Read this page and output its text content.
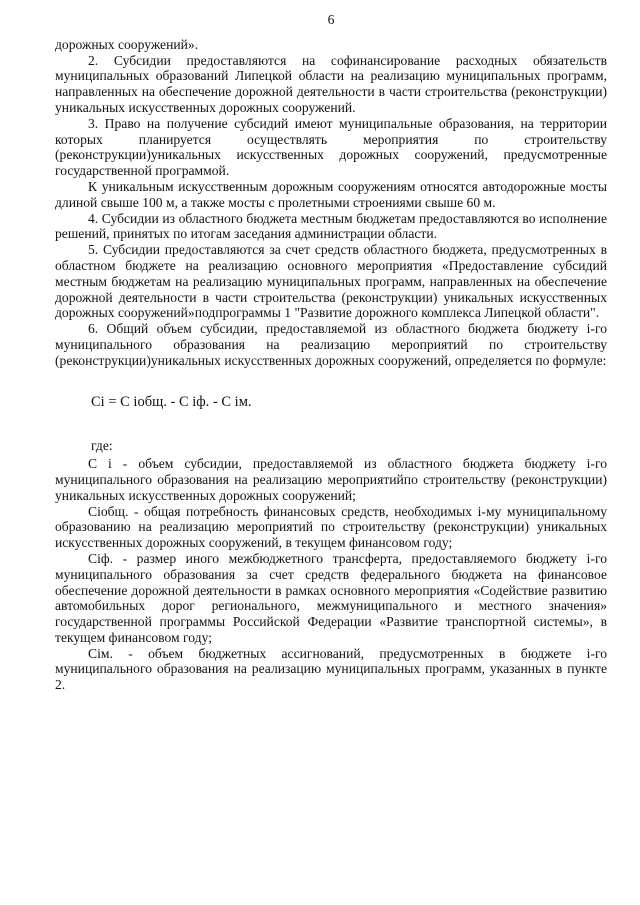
6

дорожных сооружений».

2. Субсидии предоставляются на софинансирование расходных обязательств муниципальных образований Липецкой области на реализацию муниципальных программ, направленных на обеспечение дорожной деятельности в части строительства (реконструкции) уникальных искусственных дорожных сооружений.

3. Право на получение субсидий имеют муниципальные образования, на территории которых планируется осуществлять мероприятия по строительству (реконструкции)уникальных искусственных дорожных сооружений, предусмотренные государственной программой.

К уникальным искусственным дорожным сооружениям относятся автодорожные мосты длиной свыше 100 м, а также мосты с пролетными строениями свыше 60 м.

4. Субсидии из областного бюджета местным бюджетам предоставляются во исполнение решений, принятых по итогам заседания администрации области.

5. Субсидии предоставляются за счет средств областного бюджета, предусмотренных в областном бюджете на реализацию основного мероприятия «Предоставление субсидий местным бюджетам на реализацию муниципальных программ, направленных на обеспечение дорожной деятельности в части строительства (реконструкции) уникальных искусственных дорожных сооружений»подпрограммы 1 "Развитие дорожного комплекса Липецкой области".

6. Общий объем субсидии, предоставляемой из областного бюджета бюджету i-го муниципального образования на реализацию мероприятий по строительству (реконструкции)уникальных искусственных дорожных сооружений, определяется по формуле:

Ci = С iобщ. - С iф. - С iм.

где:

С i - объем субсидии, предоставляемой из областного бюджета бюджету i-го муниципального образования на реализацию мероприятийпо строительству (реконструкции) уникальных искусственных дорожных сооружений;

Сiобщ. - общая потребность финансовых средств, необходимых i-му муниципальному образованию на реализацию мероприятий по строительству (реконструкции) уникальных искусственных дорожных сооружений, в текущем финансовом году;

Сiф. - размер иного межбюджетного трансферта, предоставляемого бюджету i-го муниципального образования за счет средств федерального бюджета на финансовое обеспечение дорожной деятельности в рамках основного мероприятия «Содействие развитию автомобильных дорог регионального, межмуниципального и местного значения» государственной программы Российской Федерации «Развитие транспортной системы», в текущем финансовом году;

Сiм. - объем бюджетных ассигнований, предусмотренных в бюджете i-го муниципального образования на реализацию муниципальных программ, указанных в пункте 2.
